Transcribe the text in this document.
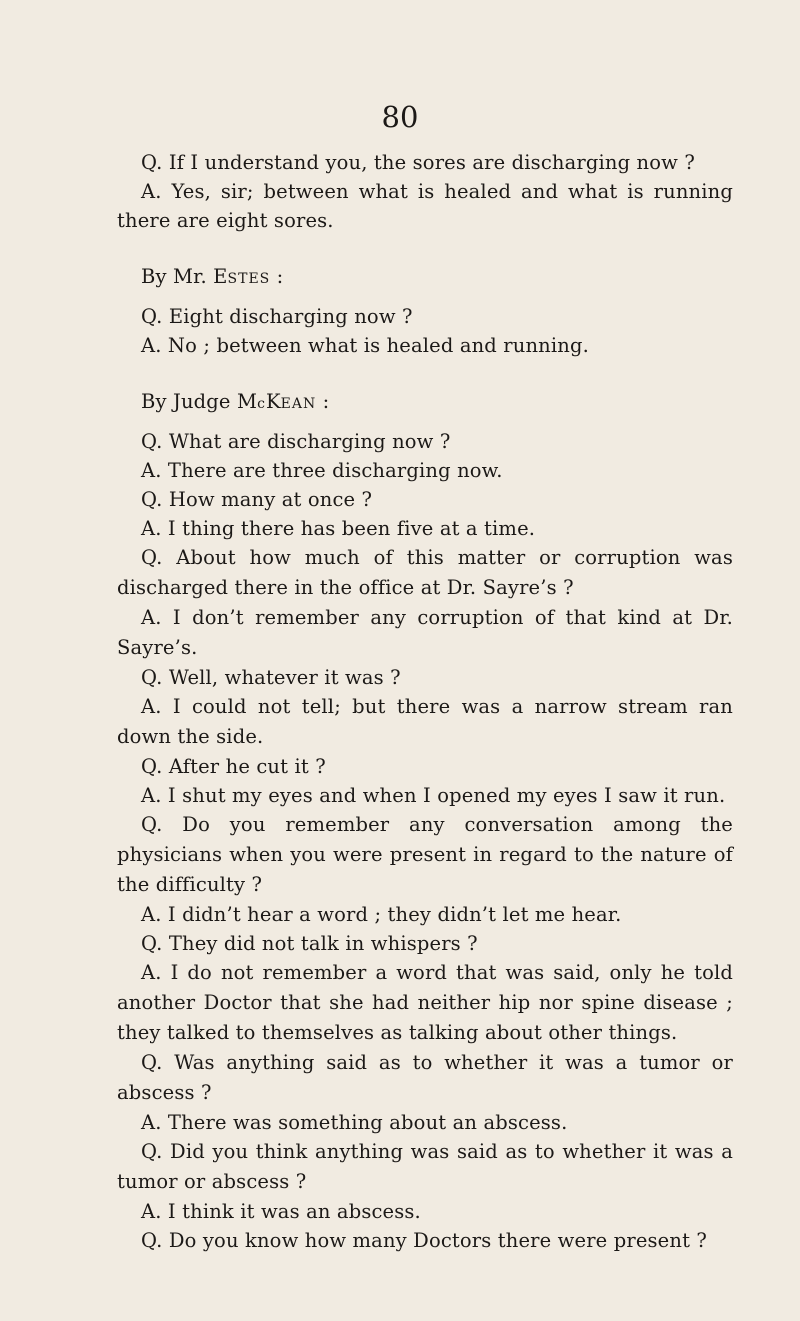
80

Q. If I understand you, the sores are discharging now ?

A. Yes, sir; between what is healed and what is running there are eight sores.

By Mr. ESTES :

Q. Eight discharging now ?

A. No ; between what is healed and running.

By Judge McKEAN :

Q. What are discharging now ?

A. There are three discharging now.

Q. How many at once ?

A. I thing there has been five at a time.

Q. About how much of this matter or corruption was discharged there in the office at Dr. Sayre’s ?

A. I don’t remember any corruption of that kind at Dr. Sayre’s.

Q. Well, whatever it was ?

A. I could not tell; but there was a narrow stream ran down the side.

Q. After he cut it ?

A. I shut my eyes and when I opened my eyes I saw it run.

Q. Do you remember any conversation among the physicians when you were present in regard to the nature of the difficulty ?

A. I didn’t hear a word ; they didn’t let me hear.

Q. They did not talk in whispers ?

A. I do not remember a word that was said, only he told another Doctor that she had neither hip nor spine disease ; they talked to themselves as talking about other things.

Q. Was anything said as to whether it was a tumor or abscess ?

A. There was something about an abscess.

Q. Did you think anything was said as to whether it was a tumor or abscess ?

A. I think it was an abscess.

Q. Do you know how many Doctors there were present ?
